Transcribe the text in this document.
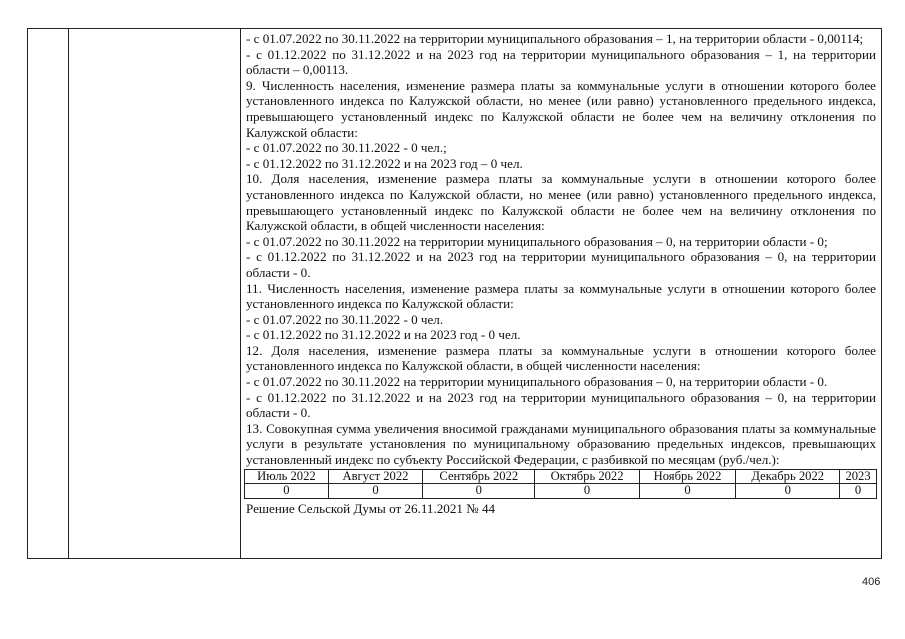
- с 01.07.2022 по 30.11.2022 на территории муниципального образования – 1, на территории области - 0,00114;

- с 01.12.2022 по 31.12.2022 и на 2023 год на территории муниципального образования – 1, на территории области – 0,00113.

9. Численность населения, изменение размера платы за коммунальные услуги в отношении которого более установленного индекса по Калужской области, но менее (или равно) установленного предельного индекса, превышающего установленный индекс по Калужской области не более чем на величину отклонения по Калужской области:

- с 01.07.2022 по 30.11.2022 - 0 чел.;

- с 01.12.2022 по 31.12.2022 и на 2023 год – 0 чел.

10. Доля населения, изменение размера платы за коммунальные услуги в отношении которого более установленного индекса по Калужской области, но менее (или равно) установленного предельного индекса, превышающего установленный индекс по Калужской области не более чем на величину отклонения по Калужской области, в общей численности населения:

- с 01.07.2022 по 30.11.2022 на территории муниципального образования – 0, на территории области - 0;

- с 01.12.2022 по 31.12.2022 и на 2023 год на территории муниципального образования – 0, на территории области - 0.

11. Численность населения, изменение размера платы за коммунальные услуги в отношении которого более установленного индекса по Калужской области:

- с 01.07.2022 по 30.11.2022 - 0 чел.

- с 01.12.2022 по 31.12.2022 и на 2023 год - 0 чел.

12. Доля населения, изменение размера платы за коммунальные услуги в отношении которого более установленного индекса по Калужской области, в общей численности населения:

- с 01.07.2022 по 30.11.2022 на территории муниципального образования – 0, на территории области - 0.

- с 01.12.2022 по 31.12.2022 и на 2023 год на территории муниципального образования – 0, на территории области - 0.

13. Совокупная сумма увеличения вносимой гражданами муниципального образования платы за коммунальные услуги в результате установления по муниципальному образованию предельных индексов, превышающих установленный индекс по субъекту Российской Федерации, с разбивкой по месяцам (руб./чел.):

Июль 2022	Август 2022	Сентябрь 2022	Октябрь 2022	Ноябрь 2022	Декабрь 2022	2023
0	0	0	0	0	0	0
Решение Сельской Думы от 26.11.2021 № 44
406
